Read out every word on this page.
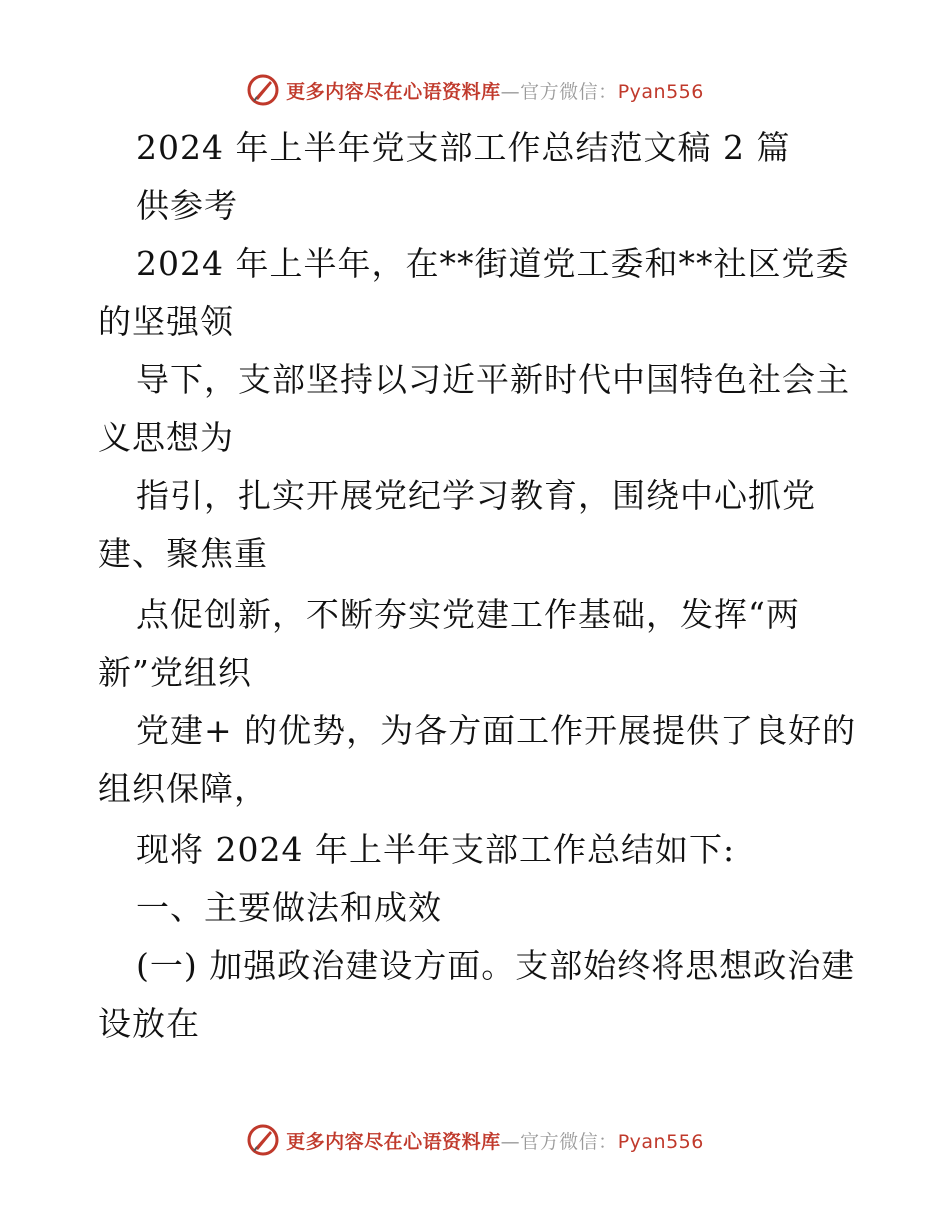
更多内容尽在心语资料库—官方微信：Pyan556
2024 年上半年党支部工作总结范文稿 2 篇
供参考
2024 年上半年，在**街道党工委和**社区党委
的坚强领
导下，支部坚持以习近平新时代中国特色社会主
义思想为
指引，扎实开展党纪学习教育，围绕中心抓党
建、聚焦重
点促创新，不断夯实党建工作基础，发挥“两
新”党组织
党建+ 的优势，为各方面工作开展提供了良好的
组织保障，
现将 2024 年上半年支部工作总结如下:
一、主要做法和成效
(一) 加强政治建设方面。支部始终将思想政治建
设放在
更多内容尽在心语资料库—官方微信：Pyan556
